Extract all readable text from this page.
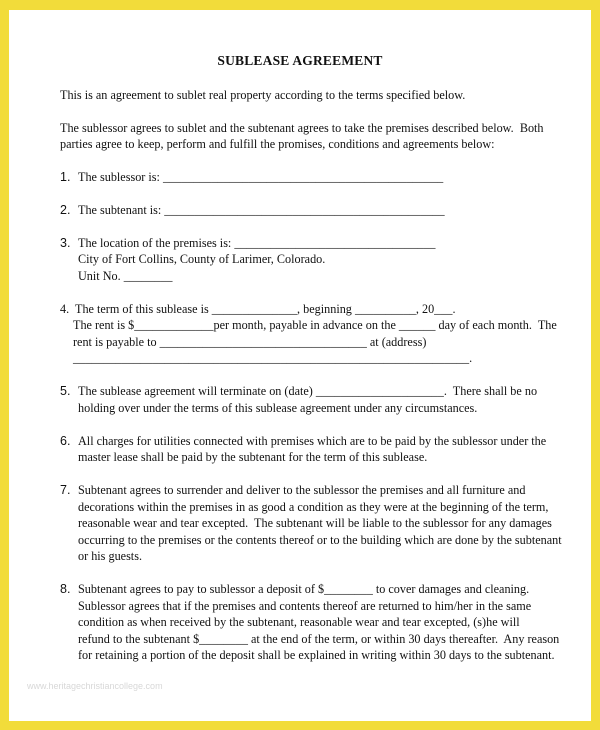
SUBLEASE AGREEMENT

This is an agreement to sublet real property according to the terms specified below.

The sublessor agrees to sublet and the subtenant agrees to take the premises described below.  Both

parties agree to keep, perform and fulfill the promises, conditions and agreements below:

1. The sublessor is: ______________________________________________

2. The subtenant is: ______________________________________________

3. The location of the premises is: _________________________________

City of Fort Collins, County of Larimer, Colorado.

Unit No. ________

4. The term of this sublease is ______________, beginning __________, 20___.

The rent is $_____________per month, payable in advance on the ______ day of each month.  The

rent is payable to __________________________________ at (address)

_________________________________________________________________.

5. The sublease agreement will terminate on (date) _____________________.  There shall be no

holding over under the terms of this sublease agreement under any circumstances.

6. All charges for utilities connected with premises which are to be paid by the sublessor under the

master lease shall be paid by the subtenant for the term of this sublease.

7. Subtenant agrees to surrender and deliver to the sublessor the premises and all furniture and

decorations within the premises in as good a condition as they were at the beginning of the term,

reasonable wear and tear excepted.  The subtenant will be liable to the sublessor for any damages

occurring to the premises or the contents thereof or to the building which are done by the subtenant

or his guests.

8. Subtenant agrees to pay to sublessor a deposit of $________ to cover damages and cleaning.

Sublessor agrees that if the premises and contents thereof are returned to him/her in the same

condition as when received by the subtenant, reasonable wear and tear excepted, (s)he will

refund to the subtenant $________ at the end of the term, or within 30 days thereafter.  Any reason

for retaining a portion of the deposit shall be explained in writing within 30 days to the subtenant.

www.heritagechristiancollege.com
